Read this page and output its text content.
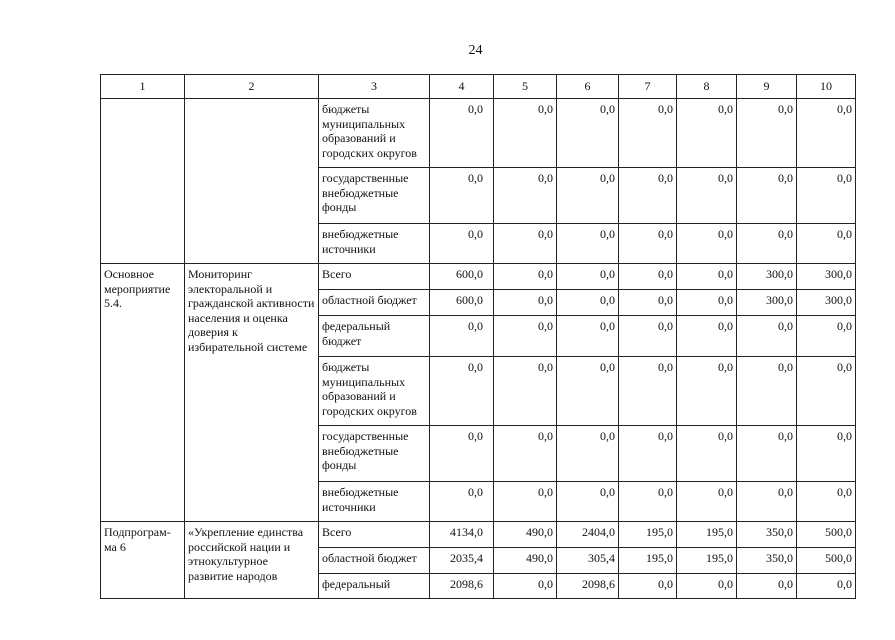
24
1	2	3	4	5	6	7	8	9	10
		бюджеты муниципальных образований и городских округов	0,0	0,0	0,0	0,0	0,0	0,0	0,0
		государственные внебюджетные фонды	0,0	0,0	0,0	0,0	0,0	0,0	0,0
		внебюджетные источники	0,0	0,0	0,0	0,0	0,0	0,0	0,0
Основное мероприятие 5.4.	Мониторинг электоральной и гражданской активности населения и оценка доверия к избирательной системе	Всего	600,0	0,0	0,0	0,0	0,0	300,0	300,0
		областной бюджет	600,0	0,0	0,0	0,0	0,0	300,0	300,0
		федеральный бюджет	0,0	0,0	0,0	0,0	0,0	0,0	0,0
		бюджеты муниципальных образований и городских округов	0,0	0,0	0,0	0,0	0,0	0,0	0,0
		государственные внебюджетные фонды	0,0	0,0	0,0	0,0	0,0	0,0	0,0
		внебюджетные источники	0,0	0,0	0,0	0,0	0,0	0,0	0,0
Подпрограм-ма 6	«Укрепление единства российской нации и этнокультурное развитие народов	Всего	4134,0	490,0	2404,0	195,0	195,0	350,0	500,0
		областной бюджет	2035,4	490,0	305,4	195,0	195,0	350,0	500,0
		федеральный	2098,6	0,0	2098,6	0,0	0,0	0,0	0,0
